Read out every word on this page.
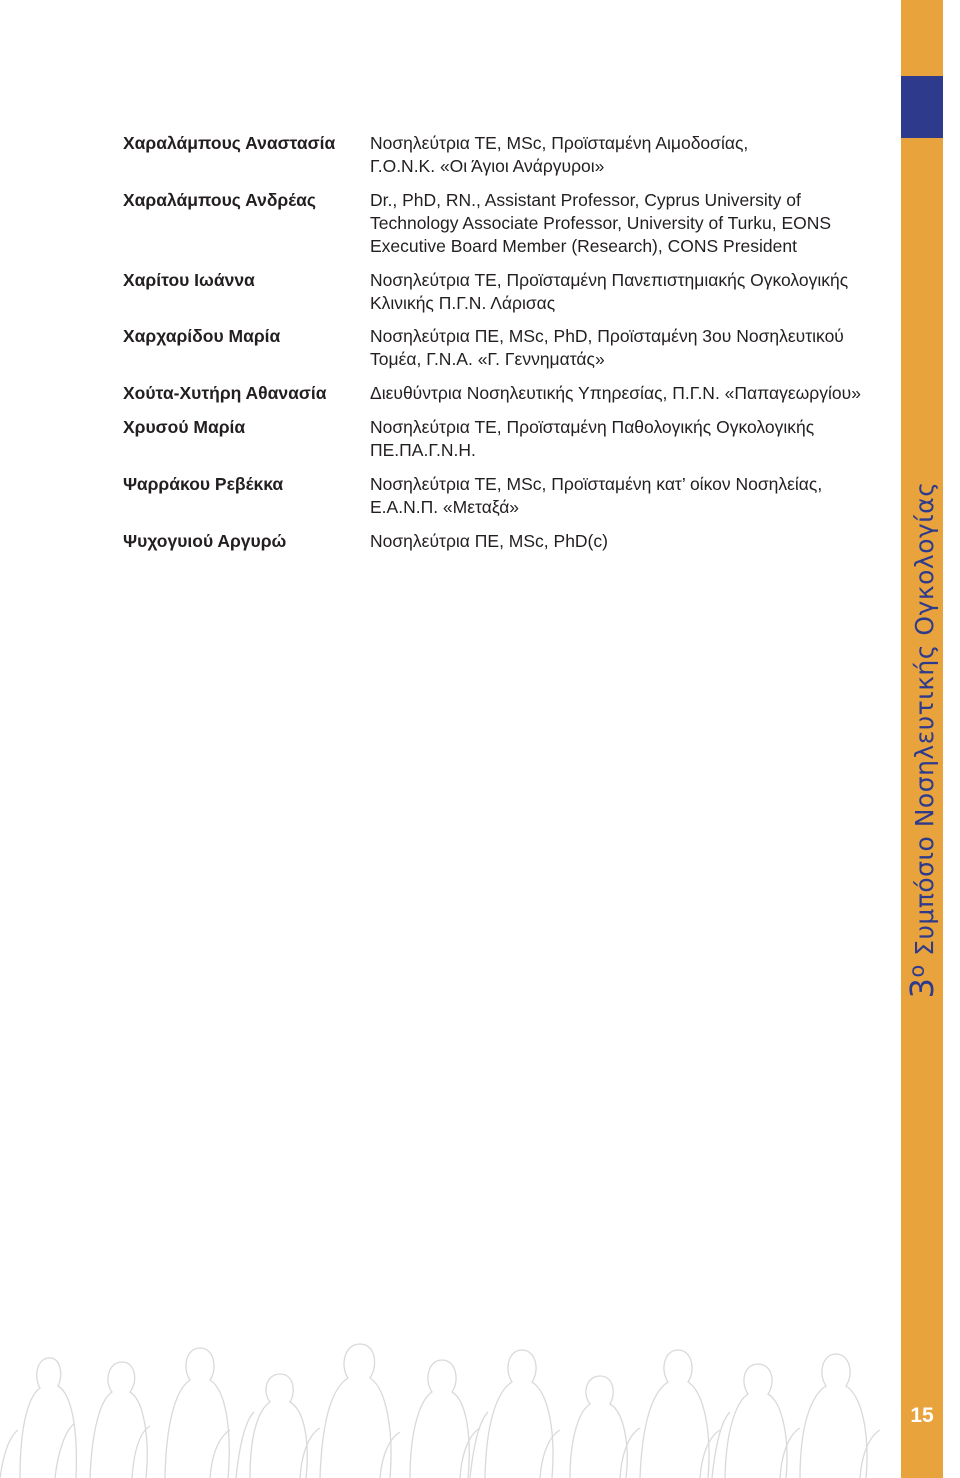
Χαραλάμπους Αναστασία	Νοσηλεύτρια ΤΕ, MSc, Προϊσταμένη Αιμοδοσίας,
Γ.Ο.Ν.Κ. «Οι Άγιοι Ανάργυροι»
Χαραλάμπους Ανδρέας	Dr., PhD, RN., Assistant Professor, Cyprus University of
Technology Associate Professor, University of Turku, EONS
Executive Board Member (Research), CONS President
Χαρίτου Ιωάννα	Νοσηλεύτρια ΤΕ, Προϊσταμένη Πανεπιστημιακής Ογκολογικής
Κλινικής Π.Γ.Ν. Λάρισας
Χαρχαρίδου Μαρία	Νοσηλεύτρια ΠΕ, MSc, PhD, Προϊσταμένη 3ου Νοσηλευτικού
Τομέα, Γ.Ν.Α. «Γ. Γεννηματάς»
Χούτα-Χυτήρη Αθανασία	Διευθύντρια Νοσηλευτικής Υπηρεσίας, Π.Γ.Ν. «Παπαγεωργίου»
Χρυσού Μαρία	Νοσηλεύτρια ΤΕ, Προϊσταμένη Παθολογικής Ογκολογικής
ΠΕ.ΠΑ.Γ.Ν.Η.
Ψαρράκου Ρεβέκκα	Νοσηλεύτρια ΤΕ, MSc, Προϊσταμένη κατ’ οίκον Νοσηλείας,
Ε.Α.Ν.Π. «Μεταξά»
Ψυχογυιού Αργυρώ	Νοσηλεύτρια ΠΕ, MSc, PhD(c)
$3^o$ Συμπόσιο Νοσηλευτικής Ογκολογίας
15
